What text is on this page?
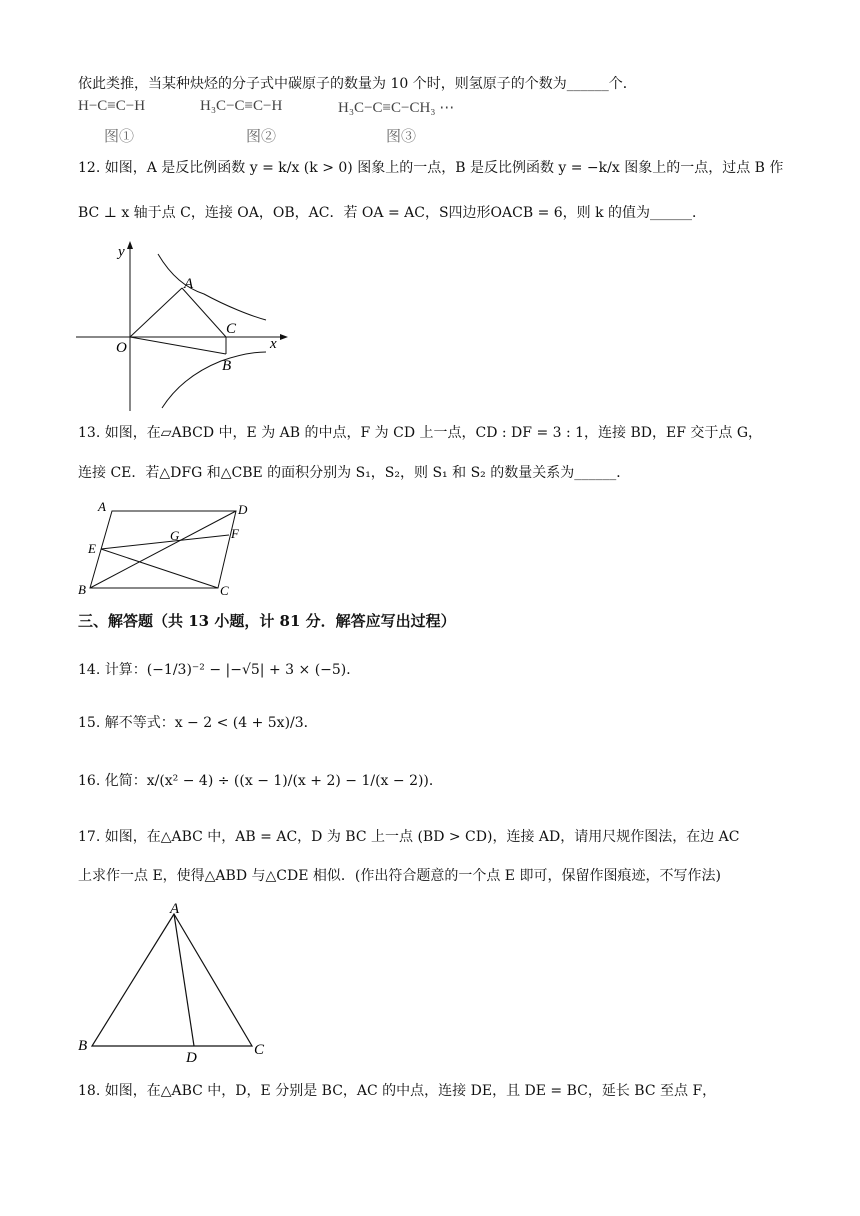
依此类推，当某种炔烃的分子式中碳原子的数量为 10 个时，则氢原子的个数为______个．
H−C≡C−H	H₃C−C≡C−H	H₃C−C≡C−CH₃ ⋯
图①	图②	图③
12. 如图，A 是反比例函数 y = k/x (k > 0) 图象上的一点，B 是反比例函数 y = −k/x 图象上的一点，过点 B 作
BC ⊥ x 轴于点 C，连接 OA，OB，AC．若 OA = AC，S四边形OACB = 6，则 k 的值为______．
y
x
O
A
C
B
13. 如图，在▱ABCD 中，E 为 AB 的中点，F 为 CD 上一点，CD : DF = 3 : 1，连接 BD，EF 交于点 G，
连接 CE．若△DFG 和△CBE 的面积分别为 S₁，S₂，则 S₁ 和 S₂ 的数量关系为______．
A	D
E
G	F
B	C
三、解答题（共 13 小题，计 81 分．解答应写出过程）
14. 计算：(−1/3)⁻² − |−√5| + 3 × (−5)．
15. 解不等式：x − 2 < (4 + 5x)/3．
16. 化简：x/(x² − 4) ÷ ((x − 1)/(x + 2) − 1/(x − 2))．
17. 如图，在△ABC 中，AB = AC，D 为 BC 上一点 (BD > CD)，连接 AD，请用尺规作图法，在边 AC
上求作一点 E，使得△ABD 与△CDE 相似．(作出符合题意的一个点 E 即可，保留作图痕迹，不写作法)
A
B
D	C
18. 如图，在△ABC 中，D，E 分别是 BC，AC 的中点，连接 DE，且 DE = BC，延长 BC 至点 F，
